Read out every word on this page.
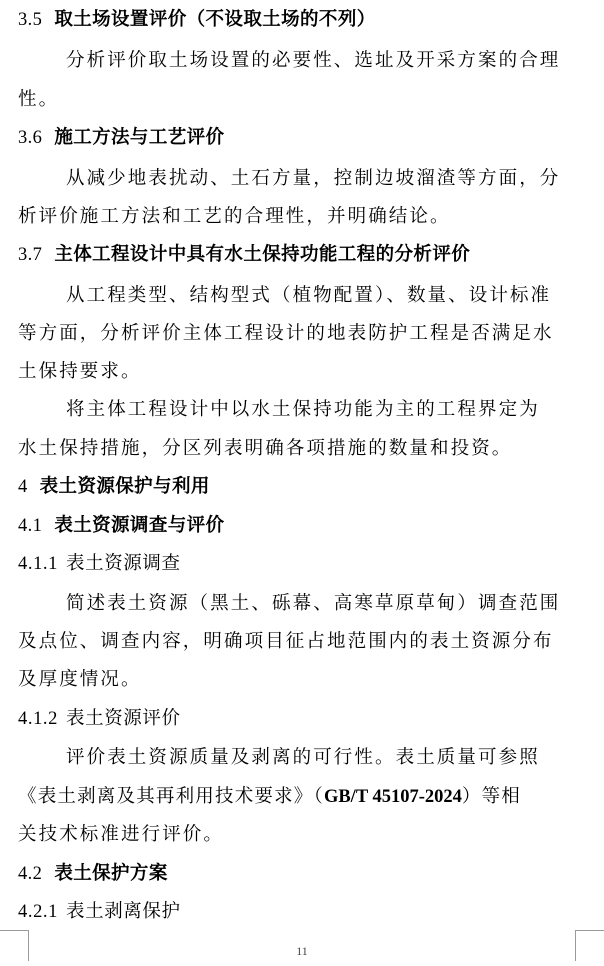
3.5 取土场设置评价（不设取土场的不列）
分析评价取土场设置的必要性、选址及开采方案的合理
性。
3.6 施工方法与工艺评价
从减少地表扰动、土石方量，控制边坡溜渣等方面，分
析评价施工方法和工艺的合理性，并明确结论。
3.7 主体工程设计中具有水土保持功能工程的分析评价
从工程类型、结构型式（植物配置）、数量、设计标准
等方面，分析评价主体工程设计的地表防护工程是否满足水
土保持要求。
将主体工程设计中以水土保持功能为主的工程界定为
水土保持措施，分区列表明确各项措施的数量和投资。
4 表土资源保护与利用
4.1 表土资源调查与评价
4.1.1 表土资源调查
简述表土资源（黑土、砾幕、高寒草原草甸）调查范围
及点位、调查内容，明确项目征占地范围内的表土资源分布
及厚度情况。
4.1.2 表土资源评价
评价表土资源质量及剥离的可行性。表土质量可参照
《表土剥离及其再利用技术要求》（GB/T 45107-2024）等相
关技术标准进行评价。
4.2 表土保护方案
4.2.1 表土剥离保护
11
